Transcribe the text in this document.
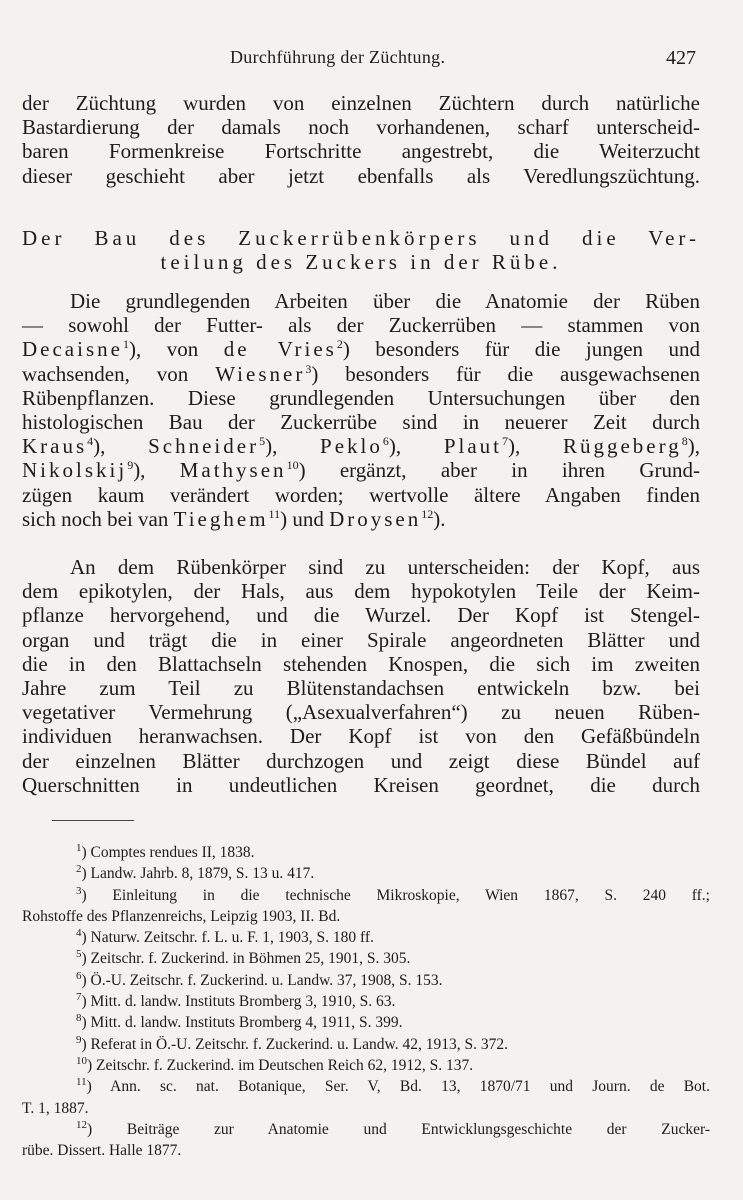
Durchführung der Züchtung.	427
der Züchtung wurden von einzelnen Züchtern durch natürliche
Bastardierung der damals noch vorhandenen, scharf unterscheid-
baren Formenkreise Fortschritte angestrebt, die Weiterzucht
dieser geschieht aber jetzt ebenfalls als Veredlungszüchtung.
Der Bau des Zuckerrübenkörpers und die Ver-
teilung des Zuckers in der Rübe.
Die grundlegenden Arbeiten über die Anatomie der Rüben
— sowohl der Futter- als der Zuckerrüben — stammen von
Decaisne$^1$), von de Vries$^2$) besonders für die jungen und
wachsenden, von Wiesner$^3$) besonders für die ausgewachsenen
Rübenpflanzen. Diese grundlegenden Untersuchungen über den
histologischen Bau der Zuckerrübe sind in neuerer Zeit durch
Kraus$^4$), Schneider$^5$), Peklo$^6$), Plaut$^7$), Rüggeberg$^8$),
Nikolskij$^9$), Mathysen$^{10}$) ergänzt, aber in ihren Grund-
zügen kaum verändert worden; wertvolle ältere Angaben finden
sich noch bei van Tieghem$^{11}$) und Droysen$^{12}$).
An dem Rübenkörper sind zu unterscheiden: der Kopf, aus
dem epikotylen, der Hals, aus dem hypokotylen Teile der Keim-
pflanze hervorgehend, und die Wurzel. Der Kopf ist Stengel-
organ und trägt die in einer Spirale angeordneten Blätter und
die in den Blattachseln stehenden Knospen, die sich im zweiten
Jahre zum Teil zu Blütenstandachsen entwickeln bzw. bei
vegetativer Vermehrung („Asexualverfahren“) zu neuen Rüben-
individuen heranwachsen. Der Kopf ist von den Gefäßbündeln
der einzelnen Blätter durchzogen und zeigt diese Bündel auf
Querschnitten in undeutlichen Kreisen geordnet, die durch
$^1$) Comptes rendues II, 1838.
$^2$) Landw. Jahrb. 8, 1879, S. 13 u. 417.
$^3$) Einleitung in die technische Mikroskopie, Wien 1867, S. 240 ff.;
Rohstoffe des Pflanzenreichs, Leipzig 1903, II. Bd.
$^4$) Naturw. Zeitschr. f. L. u. F. 1, 1903, S. 180 ff.
$^5$) Zeitschr. f. Zuckerind. in Böhmen 25, 1901, S. 305.
$^6$) Ö.-U. Zeitschr. f. Zuckerind. u. Landw. 37, 1908, S. 153.
$^7$) Mitt. d. landw. Instituts Bromberg 3, 1910, S. 63.
$^8$) Mitt. d. landw. Instituts Bromberg 4, 1911, S. 399.
$^9$) Referat in Ö.-U. Zeitschr. f. Zuckerind. u. Landw. 42, 1913, S. 372.
$^{10}$) Zeitschr. f. Zuckerind. im Deutschen Reich 62, 1912, S. 137.
$^{11}$) Ann. sc. nat. Botanique, Ser. V, Bd. 13, 1870/71 und Journ. de Bot.
T. 1, 1887.
$^{12}$) Beiträge zur Anatomie und Entwicklungsgeschichte der Zucker-
rübe. Dissert. Halle 1877.
